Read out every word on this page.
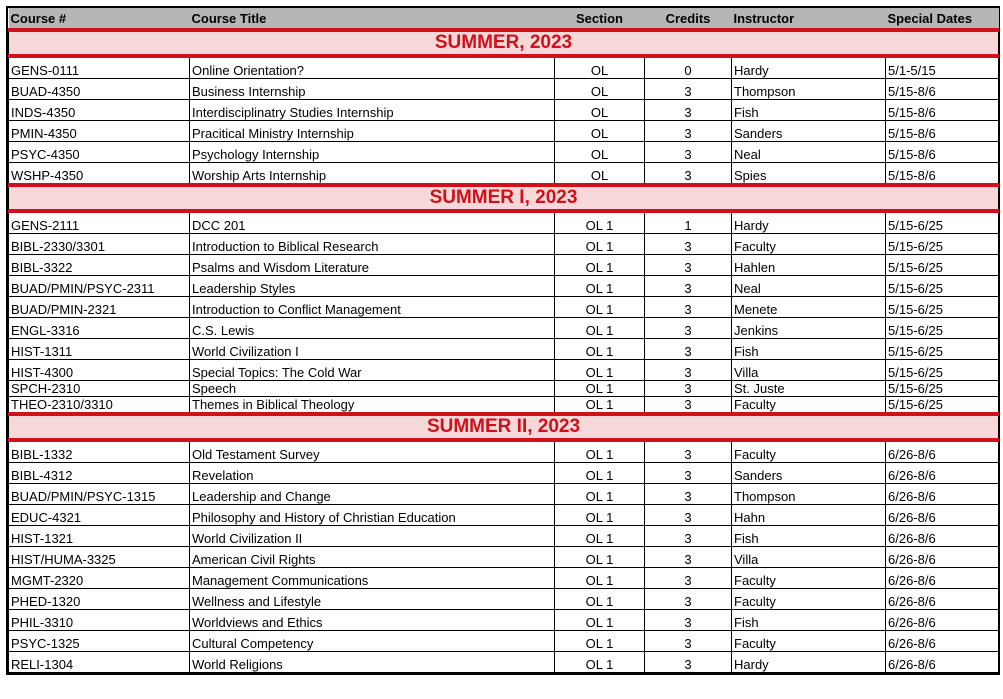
Course #	Course Title	Section	Credits	Instructor	Special Dates
SUMMER, 2023					
GENS-0111	Online Orientation?	OL	0	Hardy	5/1-5/15
BUAD-4350	Business Internship	OL	3	Thompson	5/15-8/6
INDS-4350	Interdisciplinatry Studies Internship	OL	3	Fish	5/15-8/6
PMIN-4350	Pracitical Ministry Internship	OL	3	Sanders	5/15-8/6
PSYC-4350	Psychology Internship	OL	3	Neal	5/15-8/6
WSHP-4350	Worship Arts Internship	OL	3	Spies	5/15-8/6
SUMMER I, 2023					
GENS-2111	DCC 201	OL 1	1	Hardy	5/15-6/25
BIBL-2330/3301	Introduction to Biblical Research	OL 1	3	Faculty	5/15-6/25
BIBL-3322	Psalms and Wisdom Literature	OL 1	3	Hahlen	5/15-6/25
BUAD/PMIN/PSYC-2311	Leadership Styles	OL 1	3	Neal	5/15-6/25
BUAD/PMIN-2321	Introduction to Conflict Management	OL 1	3	Menete	5/15-6/25
ENGL-3316	C.S. Lewis	OL 1	3	Jenkins	5/15-6/25
HIST-1311	World Civilization I	OL 1	3	Fish	5/15-6/25
HIST-4300	Special Topics: The Cold War	OL 1	3	Villa	5/15-6/25
SPCH-2310	Speech	OL 1	3	St. Juste	5/15-6/25
THEO-2310/3310	Themes in Biblical Theology	OL 1	3	Faculty	5/15-6/25
SUMMER II, 2023					
BIBL-1332	Old Testament Survey	OL 1	3	Faculty	6/26-8/6
BIBL-4312	Revelation	OL 1	3	Sanders	6/26-8/6
BUAD/PMIN/PSYC-1315	Leadership and Change	OL 1	3	Thompson	6/26-8/6
EDUC-4321	Philosophy and History of Christian Education	OL 1	3	Hahn	6/26-8/6
HIST-1321	World Civilization II	OL 1	3	Fish	6/26-8/6
HIST/HUMA-3325	American Civil Rights	OL 1	3	Villa	6/26-8/6
MGMT-2320	Management Communications	OL 1	3	Faculty	6/26-8/6
PHED-1320	Wellness and Lifestyle	OL 1	3	Faculty	6/26-8/6
PHIL-3310	Worldviews and Ethics	OL 1	3	Fish	6/26-8/6
PSYC-1325	Cultural Competency	OL 1	3	Faculty	6/26-8/6
RELI-1304	World Religions	OL 1	3	Hardy	6/26-8/6
